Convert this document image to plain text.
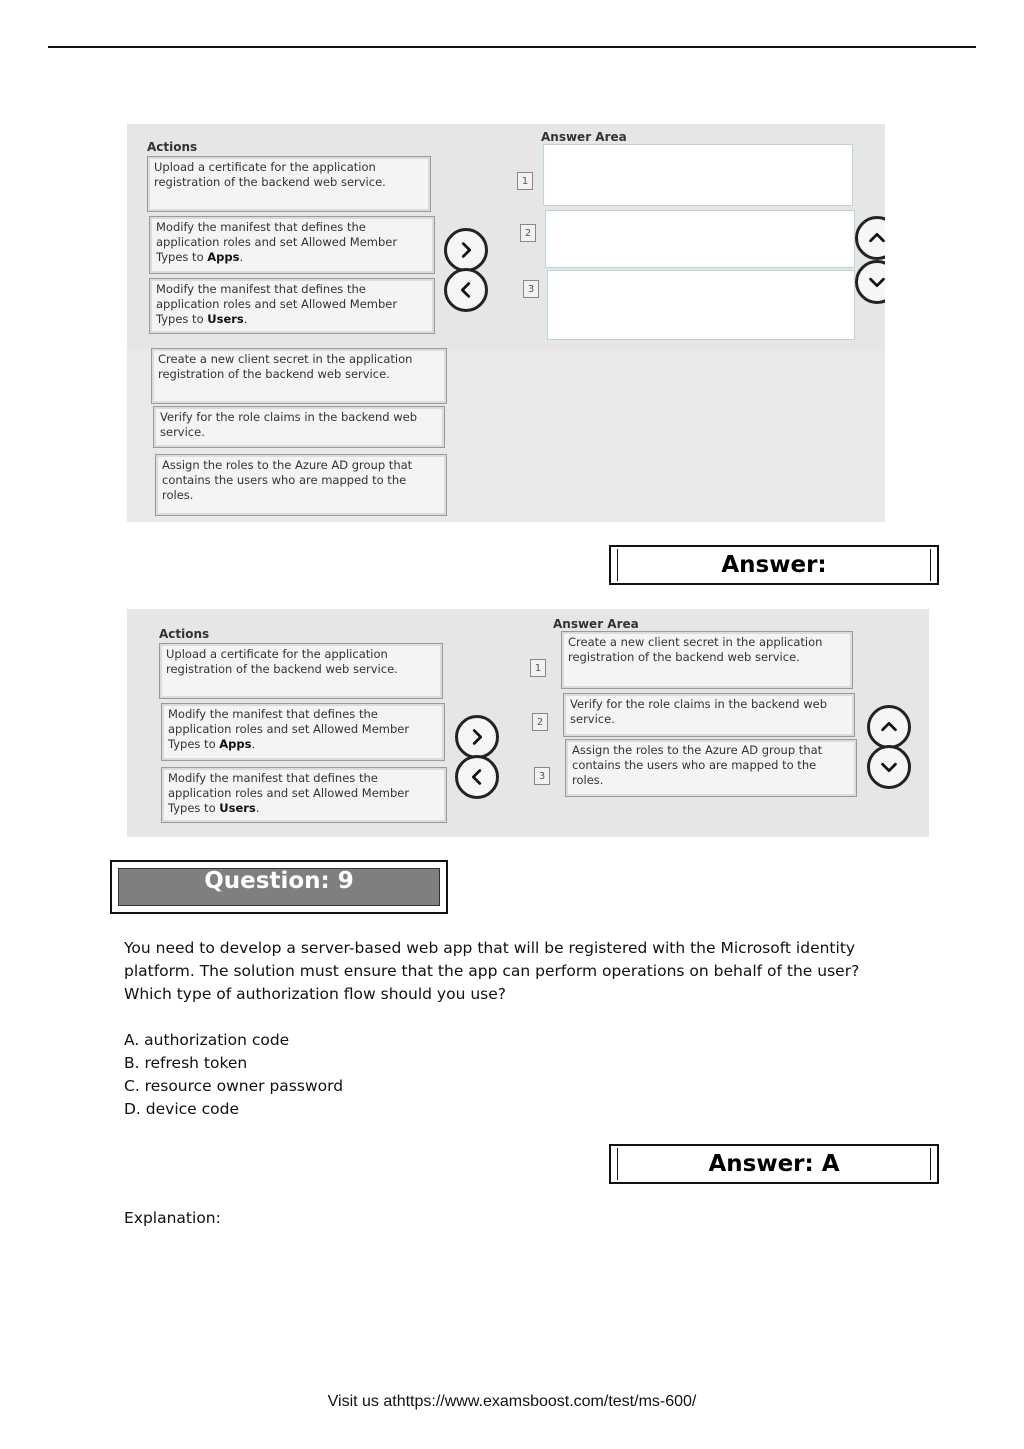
Actions
Answer Area
Upload a certificate for the application registration of the backend web service.
Modify the manifest that defines the application roles and set Allowed Member Types to Apps.
Modify the manifest that defines the application roles and set Allowed Member Types to Users.
Create a new client secret in the application registration of the backend web service.
Verify for the role claims in the backend web service.
Assign the roles to the Azure AD group that contains the users who are mapped to the roles.
1
2
3
Answer:
Actions
Answer Area
Upload a certificate for the application registration of the backend web service.
Modify the manifest that defines the application roles and set Allowed Member Types to Apps.
Modify the manifest that defines the application roles and set Allowed Member Types to Users.
1
2
3
Create a new client secret in the application registration of the backend web service.
Verify for the role claims in the backend web service.
Assign the roles to the Azure AD group that contains the users who are mapped to the roles.
Question: 9
You need to develop a server-based web app that will be registered with the Microsoft identity platform. The solution must ensure that the app can perform operations on behalf of the user? Which type of authorization flow should you use?
A. authorization code
B. refresh token
C. resource owner password
D. device code
Answer: A
Explanation:
Visit us athttps://www.examsboost.com/test/ms-600/
